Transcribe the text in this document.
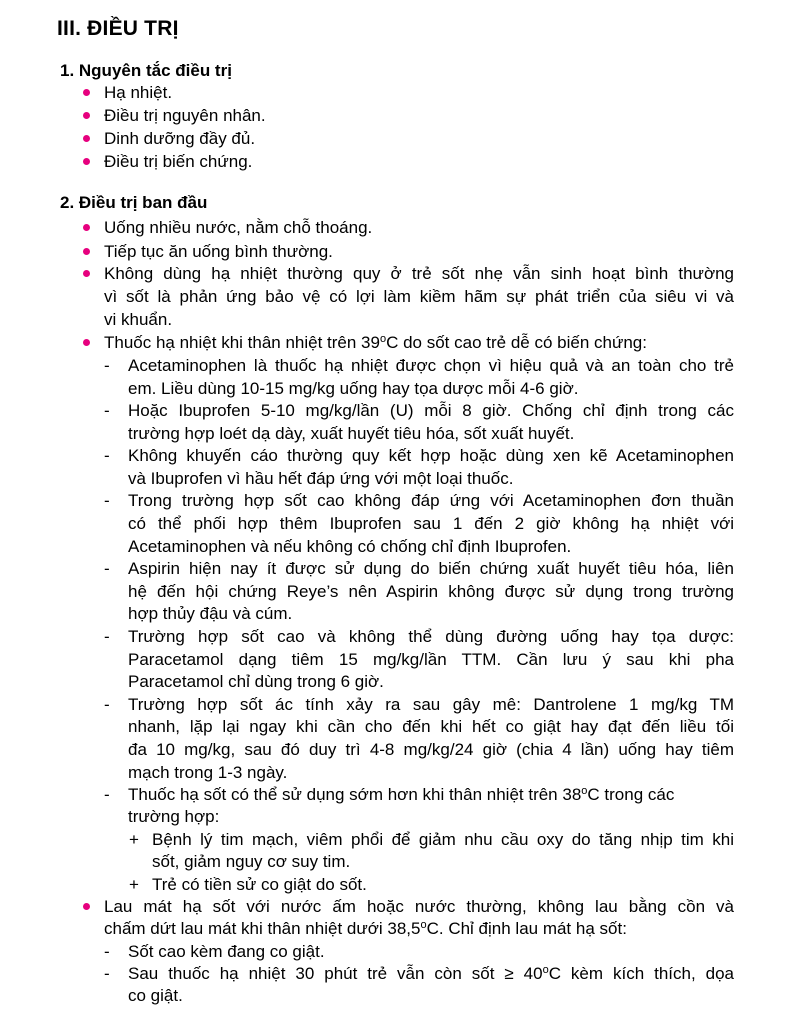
III. ĐIỀU TRỊ
1. Nguyên tắc điều trị
Hạ nhiệt.
Điều trị nguyên nhân.
Dinh dưỡng đầy đủ.
Điều trị biến chứng.
2. Điều trị ban đầu
Uống nhiều nước, nằm chỗ thoáng.
Tiếp tục ăn uống bình thường.
Không dùng hạ nhiệt thường quy ở trẻ sốt nhẹ vẫn sinh hoạt bình thường
vì sốt là phản ứng bảo vệ có lợi làm kiềm hãm sự phát triển của siêu vi và
vi khuẩn.
Thuốc hạ nhiệt khi thân nhiệt trên 39$^o$C do sốt cao trẻ dễ có biến chứng:
- Acetaminophen là thuốc hạ nhiệt được chọn vì hiệu quả và an toàn cho trẻ
em. Liều dùng 10-15 mg/kg uống hay tọa dược mỗi 4-6 giờ.
- Hoặc Ibuprofen 5-10 mg/kg/lần (U) mỗi 8 giờ. Chống chỉ định trong các
trường hợp loét dạ dày, xuất huyết tiêu hóa, sốt xuất huyết.
- Không khuyến cáo thường quy kết hợp hoặc dùng xen kẽ Acetaminophen
và Ibuprofen vì hầu hết đáp ứng với một loại thuốc.
- Trong trường hợp sốt cao không đáp ứng với Acetaminophen đơn thuần
có thể phối hợp thêm Ibuprofen sau 1 đến 2 giờ không hạ nhiệt với
Acetaminophen và nếu không có chống chỉ định Ibuprofen.
- Aspirin hiện nay ít được sử dụng do biến chứng xuất huyết tiêu hóa, liên
hệ đến hội chứng Reye’s nên Aspirin không được sử dụng trong trường
hợp thủy đậu và cúm.
- Trường hợp sốt cao và không thể dùng đường uống hay tọa dược:
Paracetamol dạng tiêm 15 mg/kg/lần TTM. Cần lưu ý sau khi pha
Paracetamol chỉ dùng trong 6 giờ.
- Trường hợp sốt ác tính xảy ra sau gây mê: Dantrolene 1 mg/kg TM
nhanh, lặp lại ngay khi cần cho đến khi hết co giật hay đạt đến liều tối
đa 10 mg/kg, sau đó duy trì 4-8 mg/kg/24 giờ (chia 4 lần) uống hay tiêm
mạch trong 1-3 ngày.
- Thuốc hạ sốt có thể sử dụng sớm hơn khi thân nhiệt trên 38$^o$C trong các
trường hợp:
+ Bệnh lý tim mạch, viêm phổi để giảm nhu cầu oxy do tăng nhịp tim khi
sốt, giảm nguy cơ suy tim.
+ Trẻ có tiền sử co giật do sốt.
Lau mát hạ sốt với nước ấm hoặc nước thường, không lau bằng cồn và
chấm dứt lau mát khi thân nhiệt dưới 38,5$^o$C. Chỉ định lau mát hạ sốt:
- Sốt cao kèm đang co giật.
- Sau thuốc hạ nhiệt 30 phút trẻ vẫn còn sốt ≥ $40^oC$ kèm kích thích, dọa
co giật.
